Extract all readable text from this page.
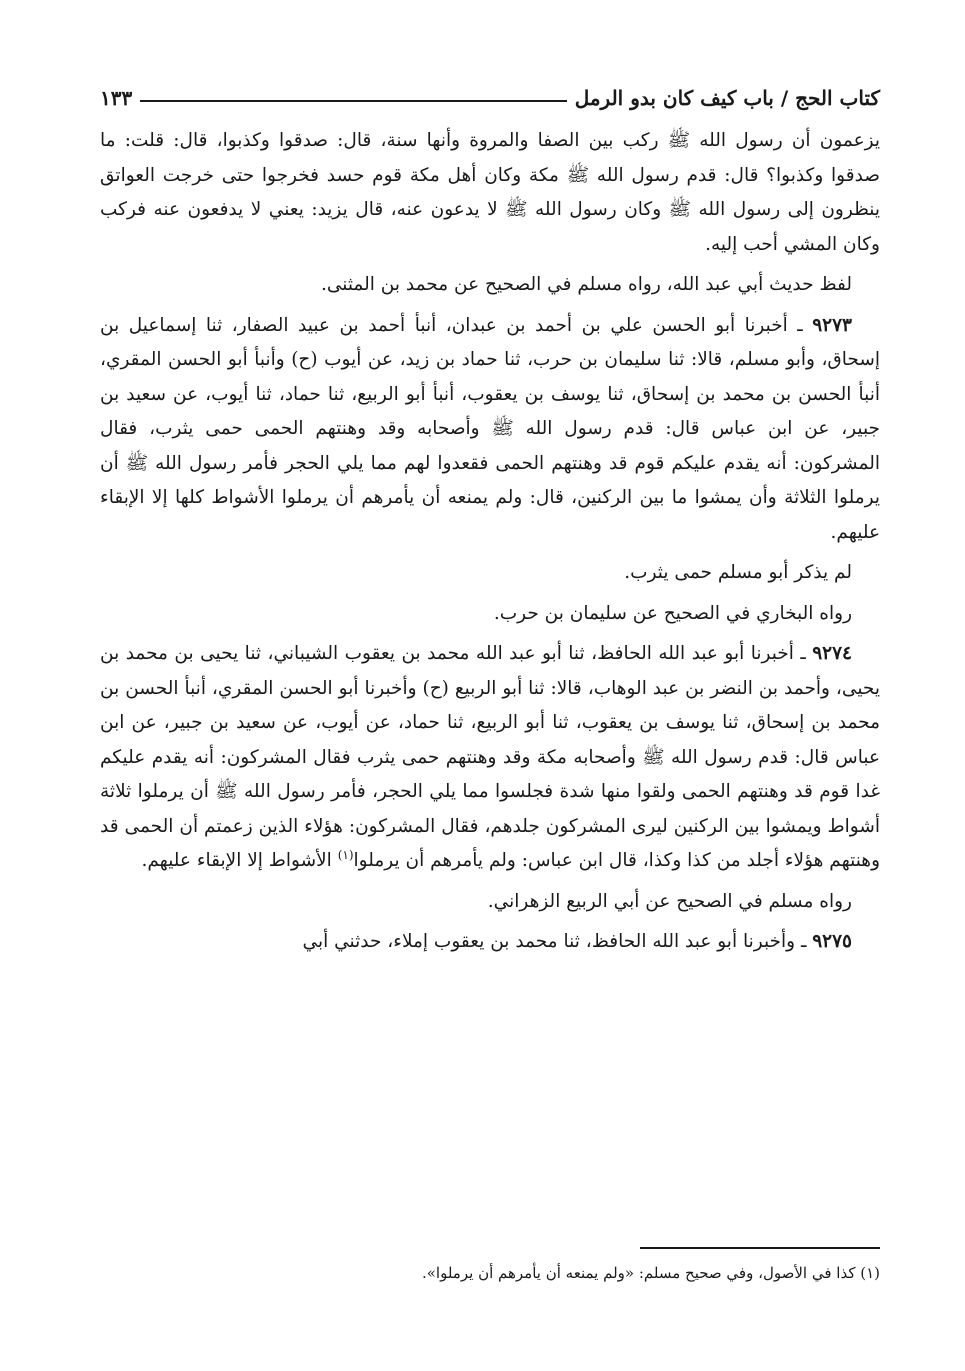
كتاب الحج / باب كيف كان بدو الرمل
١٣٣

يزعمون أن رسول الله ﷺ ركب بين الصفا والمروة وأنها سنة، قال: صدقوا وكذبوا، قال: قلت: ما صدقوا وكذبوا؟ قال: قدم رسول الله ﷺ مكة وكان أهل مكة قوم حسد فخرجوا حتى خرجت العواتق ينظرون إلى رسول الله ﷺ وكان رسول الله ﷺ لا يدعون عنه، قال يزيد: يعني لا يدفعون عنه فركب وكان المشي أحب إليه.

لفظ حديث أبي عبد الله، رواه مسلم في الصحيح عن محمد بن المثنى.

٩٢٧٣ ـ أخبرنا أبو الحسن علي بن أحمد بن عبدان، أنبأ أحمد بن عبيد الصفار، ثنا إسماعيل بن إسحاق، وأبو مسلم، قالا: ثنا سليمان بن حرب، ثنا حماد بن زيد، عن أيوب (ح) وأنبأ أبو الحسن المقري، أنبأ الحسن بن محمد بن إسحاق، ثنا يوسف بن يعقوب، أنبأ أبو الربيع، ثنا حماد، ثنا أيوب، عن سعيد بن جبير، عن ابن عباس قال: قدم رسول الله ﷺ وأصحابه وقد وهنتهم الحمى حمى يثرب، فقال المشركون: أنه يقدم عليكم قوم قد وهنتهم الحمى فقعدوا لهم مما يلي الحجر فأمر رسول الله ﷺ أن يرملوا الثلاثة وأن يمشوا ما بين الركنين، قال: ولم يمنعه أن يأمرهم أن يرملوا الأشواط كلها إلا الإبقاء عليهم.

لم يذكر أبو مسلم حمى يثرب.

رواه البخاري في الصحيح عن سليمان بن حرب.

٩٢٧٤ ـ أخبرنا أبو عبد الله الحافظ، ثنا أبو عبد الله محمد بن يعقوب الشيباني، ثنا يحيى بن محمد بن يحيى، وأحمد بن النضر بن عبد الوهاب، قالا: ثنا أبو الربيع (ح) وأخبرنا أبو الحسن المقري، أنبأ الحسن بن محمد بن إسحاق، ثنا يوسف بن يعقوب، ثنا أبو الربيع، ثنا حماد، عن أيوب، عن سعيد بن جبير، عن ابن عباس قال: قدم رسول الله ﷺ وأصحابه مكة وقد وهنتهم حمى يثرب فقال المشركون: أنه يقدم عليكم غدا قوم قد وهنتهم الحمى ولقوا منها شدة فجلسوا مما يلي الحجر، فأمر رسول الله ﷺ أن يرملوا ثلاثة أشواط ويمشوا بين الركنين ليرى المشركون جلدهم، فقال المشركون: هؤلاء الذين زعمتم أن الحمى قد وهنتهم هؤلاء أجلد من كذا وكذا، قال ابن عباس: ولم يأمرهم أن يرملوا$^{(١)}$ الأشواط إلا الإبقاء عليهم.

رواه مسلم في الصحيح عن أبي الربيع الزهراني.

٩٢٧٥ ـ وأخبرنا أبو عبد الله الحافظ، ثنا محمد بن يعقوب إملاء، حدثني أبي

(١) كذا في الأصول، وفي صحيح مسلم: «ولم يمنعه أن يأمرهم أن يرملوا».
